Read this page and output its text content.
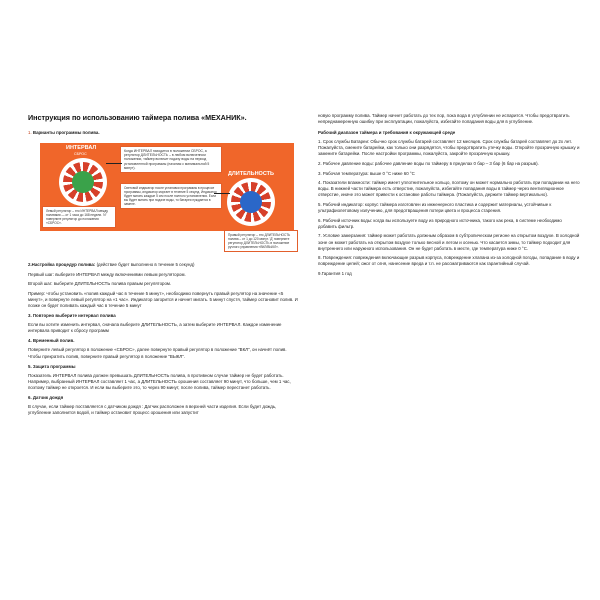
Инструкция по использованию таймера полива «МЕХАНИК».
ИНТЕРВАЛ
СБРОС
ДЛИТЕЛЬНОСТЬ
Когда ИНТЕРВАЛ находится в положении СБРОС, а регулятор ДЛИТЕЛЬНОСТЬ – в любом включенном положении, таймер включит подачу воды на период установленной программы (начиная с минимальной 5 минут).
Световой индикатор после установки программы в процессе программы, индикатор моргает в течение 5 секунд. Индикатор будет мигать каждые 5 сек после полного установления. Если вы будет мигать при подаче воды, то батарея нуждается в замене.
Левый регулятор – это ИНТЕРВАЛ между поливами — от 1 часа до 168 недели. 'И' поверните регулятор до положения «СБРОС».
Правый регулятор – это ДЛИТЕЛЬНОСТЬ полива – от 1 до 120 минут. 'Д' поверните регулятор ДЛИТЕЛЬНОСТЬ в положение ручного управления «ВКЛ/ВЫКЛ».
1. Варианты программы полива.
2.Настройка процедур полива: (действие будет выполнено в течение 5 секунд)
Первый шаг: выберите ИНТЕРВАЛ между включениями левым регулятором.
Второй шаг: выберите ДЛИТЕЛЬНОСТЬ полива правым регулятором.
Пример: чтобы установить «полив каждый час в течение 5 минут», необходимо повернуть правый регулятор на значение «5 минут», и повернуте левый регулятор на «1 час». Индикатор загорится и начнет мигать. 5 минут спустя, таймер остановит полив. И позже он будет поливать каждый час в течение 5 минут
3. Повторно выберите интервал полива
Если вы хотите изменить интервал, сначала выберите ДЛИТЕЛЬНОСТЬ, а затем выберите ИНТЕРВАЛ. Каждое изменение интервала приводит к сбросу программ
4. Временный полив.
Поверните левый регулятор в положение «СБРОС», далее повернуте правый регулятор в положение "ВКЛ", он начнёт полив. Чтобы прекратить полив, поверните правый регулятор в положение "ВЫКЛ".
5. Защита программы
Показатель ИНТЕРВАЛ полива должен превышать ДЛИТЕЛЬНОСТЬ полива, в противном случае таймер не будет работать. Например, выбранный ИНТЕРВАЛ составляет 1 час, а ДЛИТЕЛЬНОСТЬ орошения составляет 90 минут, что больше, чем 1 час, поэтому таймер не откроется. И если вы выберите это, то через 90 минут, после полива, таймер перестанет работать.
6. Датчик дождя
В случае, если таймер поставляется с датчиком дождя : Датчик расположен в верхней части изделия. Если будет дождь, углубление заполнится водой, и таймер остановит процесс орошения или запустит
новую программу полива. Таймер начнет работать до тех пор, пока вода в углублении не испарится. Чтобы предотвратить непреднамеренную ошибку при эксплуатации, пожалуйста, избегайте попадания воды для в углубление.
Рабочий диапазон таймера и требования к окружающей среде
1. Срок службы Батареи: Обычно срок службы батарей составляет 12 месяцев. Срок службы батарей составляет до 2х лет. Пожалуйста, смените батарейки, как только они разрядятся, чтобы предотвратить утечку воды. Откройте прозрачную крышку и замените батарейки. После настройки программы, пожалуйста, закройте прозрачную крышку.
2. Рабочее давление воды: рабочее давление воды по таймеру в пределах 0 бар – 3 бар (6 бар на разрыв).
3. Рабочая температура: выше 0 °С ниже 60 °С
4. Показатели влажности: таймер имеет уплотнительное кольцо, поэтому он может нормально работать при попадании на него воды. В нижней части таймера есть отверстие, пожалуйста, избегайте попадания воды в таймер через вентиляционное отверстие, иначе это может привести к остановке работы таймера. (Пожалуйста, держите таймер вертикально).
5. Рабочий индикатор: корпус таймера изготовлен из инженерного пластика и содержит материалы, устойчивые к ультрафиолетовому излучению, для предотвращения потери цвета и процесса старения.
6. Рабочий источник воды: когда вы используете воду из природного источника, такого как река, в системе необходимо добавить фильтр.
7. Условие замерзания: таймер может работать должным образом в субтропическом регионе на открытом воздухе. В холодной зоне он может работать на открытом воздухе только весной и летом и осенью. Что касается зимы, то таймер подходит для внутреннего или наружного использования. Он не будет работать в месте, где температура ниже 0 °С.
8. Повреждения: повреждения включающие разрыв корпуса, повреждение хлапана из-за холодной погоды, попадание в воду и повреждение цепей; ожог от огня, нанесение вреда и т.п. не рассматриваются как гарантийный случай.
9.Гарантия 1 год
